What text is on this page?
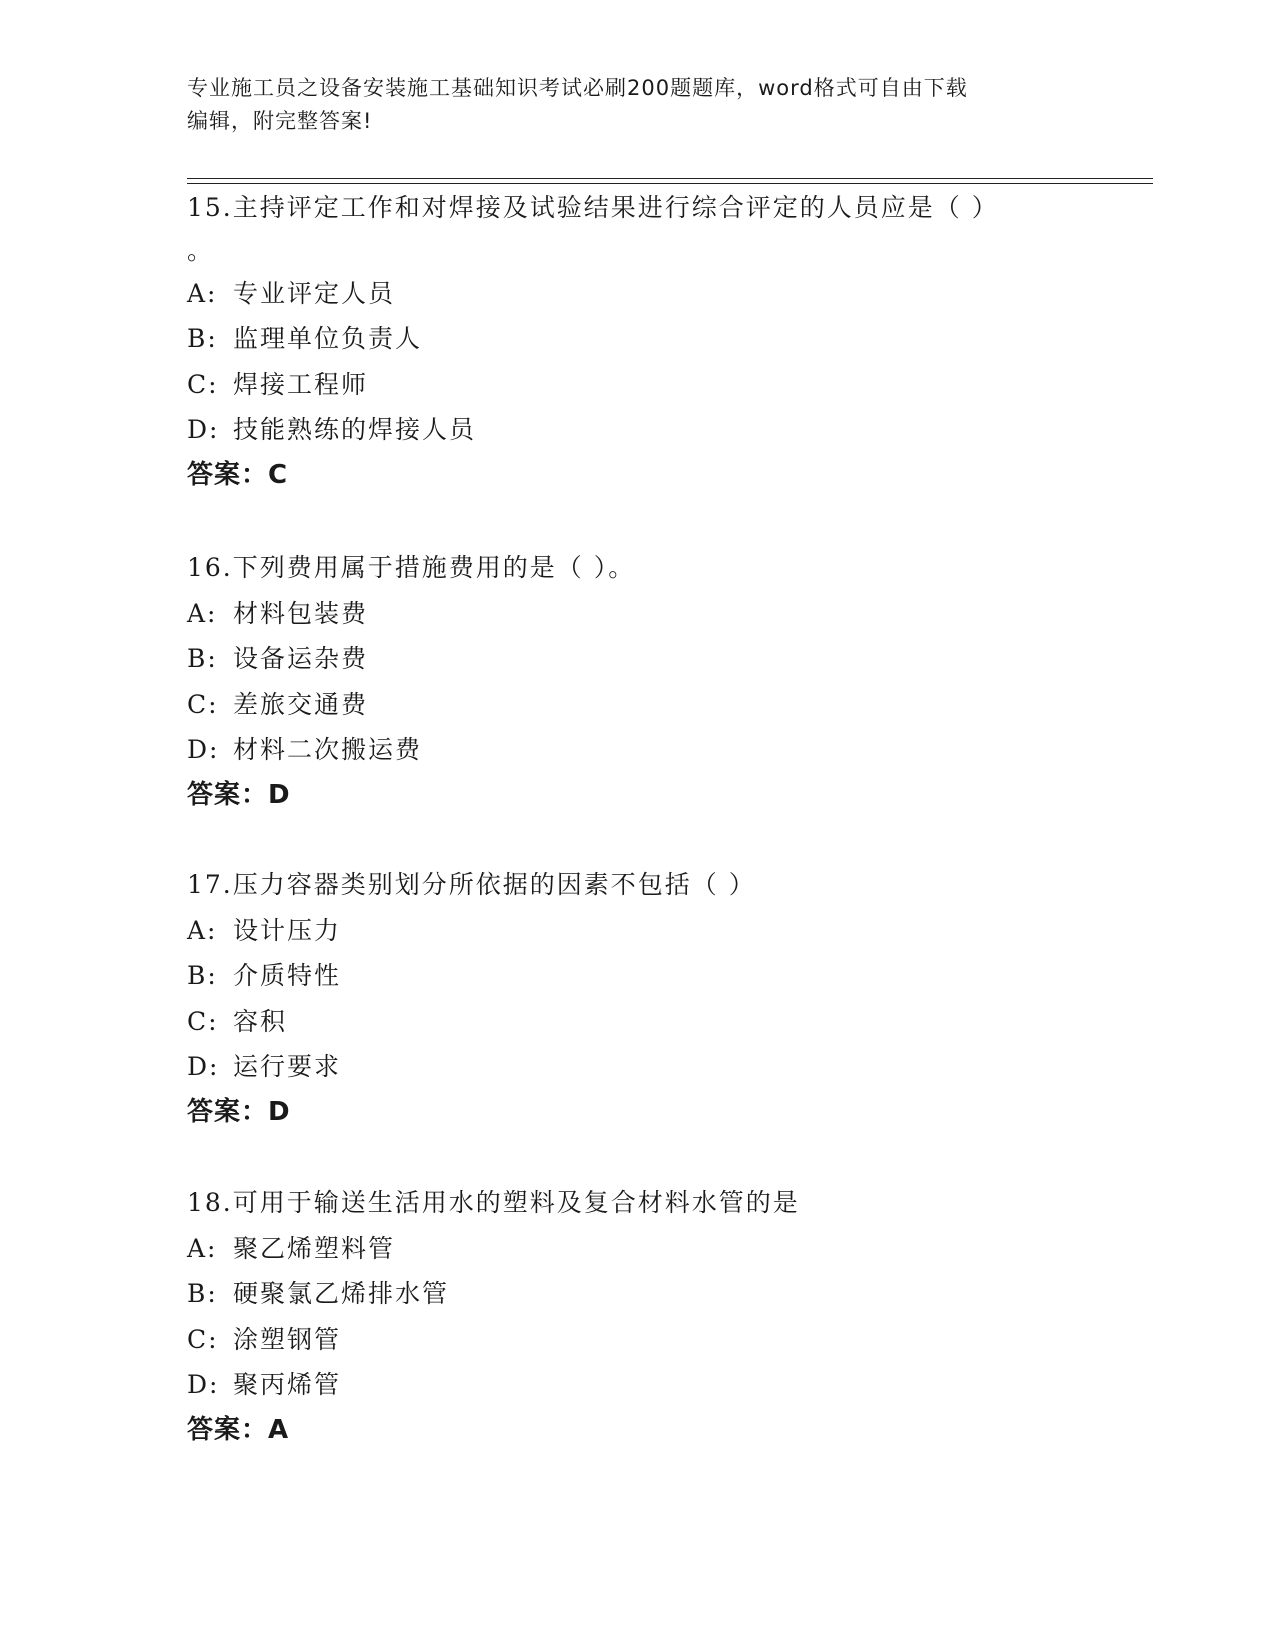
专业施工员之设备安装施工基础知识考试必刷200题题库，word格式可自由下载
编辑，附完整答案!
15.主持评定工作和对焊接及试验结果进行综合评定的人员应是（ ）
。
A: 专业评定人员
B: 监理单位负责人
C: 焊接工程师
D: 技能熟练的焊接人员
答案：C
16.下列费用属于措施费用的是（ ）。
A: 材料包装费
B: 设备运杂费
C: 差旅交通费
D: 材料二次搬运费
答案：D
17.压力容器类别划分所依据的因素不包括（ ）
A: 设计压力
B: 介质特性
C: 容积
D: 运行要求
答案：D
18.可用于输送生活用水的塑料及复合材料水管的是
A: 聚乙烯塑料管
B: 硬聚氯乙烯排水管
C: 涂塑钢管
D: 聚丙烯管
答案：A
